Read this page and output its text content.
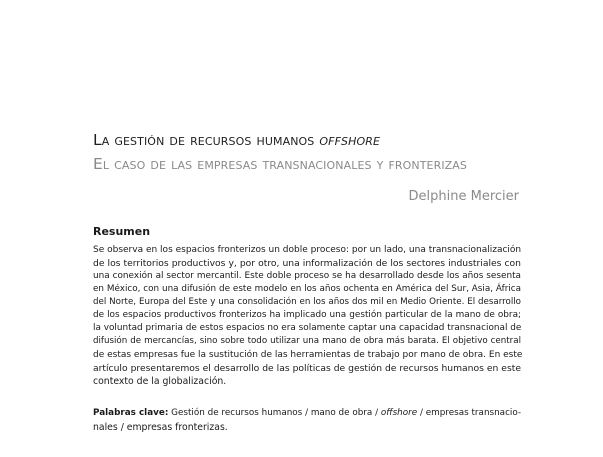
La gestión de recursos humanos offshore
El caso de las empresas transnacionales y fronterizas
Delphine Mercier
Resumen
Se observa en los espacios fronterizos un doble proceso: por un lado, una transnacionalización
de los territorios productivos y, por otro, una informalización de los sectores industriales con
una conexión al sector mercantil. Este doble proceso se ha desarrollado desde los años sesenta
en México, con una difusión de este modelo en los años ochenta en América del Sur, Asia, África
del Norte, Europa del Este y una consolidación en los años dos mil en Medio Oriente. El desarrollo
de los espacios productivos fronterizos ha implicado una gestión particular de la mano de obra;
la voluntad primaria de estos espacios no era solamente captar una capacidad transnacional de
difusión de mercancías, sino sobre todo utilizar una mano de obra más barata. El objetivo central
de estas empresas fue la sustitución de las herramientas de trabajo por mano de obra. En este
artículo presentaremos el desarrollo de las políticas de gestión de recursos humanos en este
contexto de la globalización.
Palabras clave: Gestión de recursos humanos / mano de obra / offshore / empresas transnacio-
nales / empresas fronterizas.
